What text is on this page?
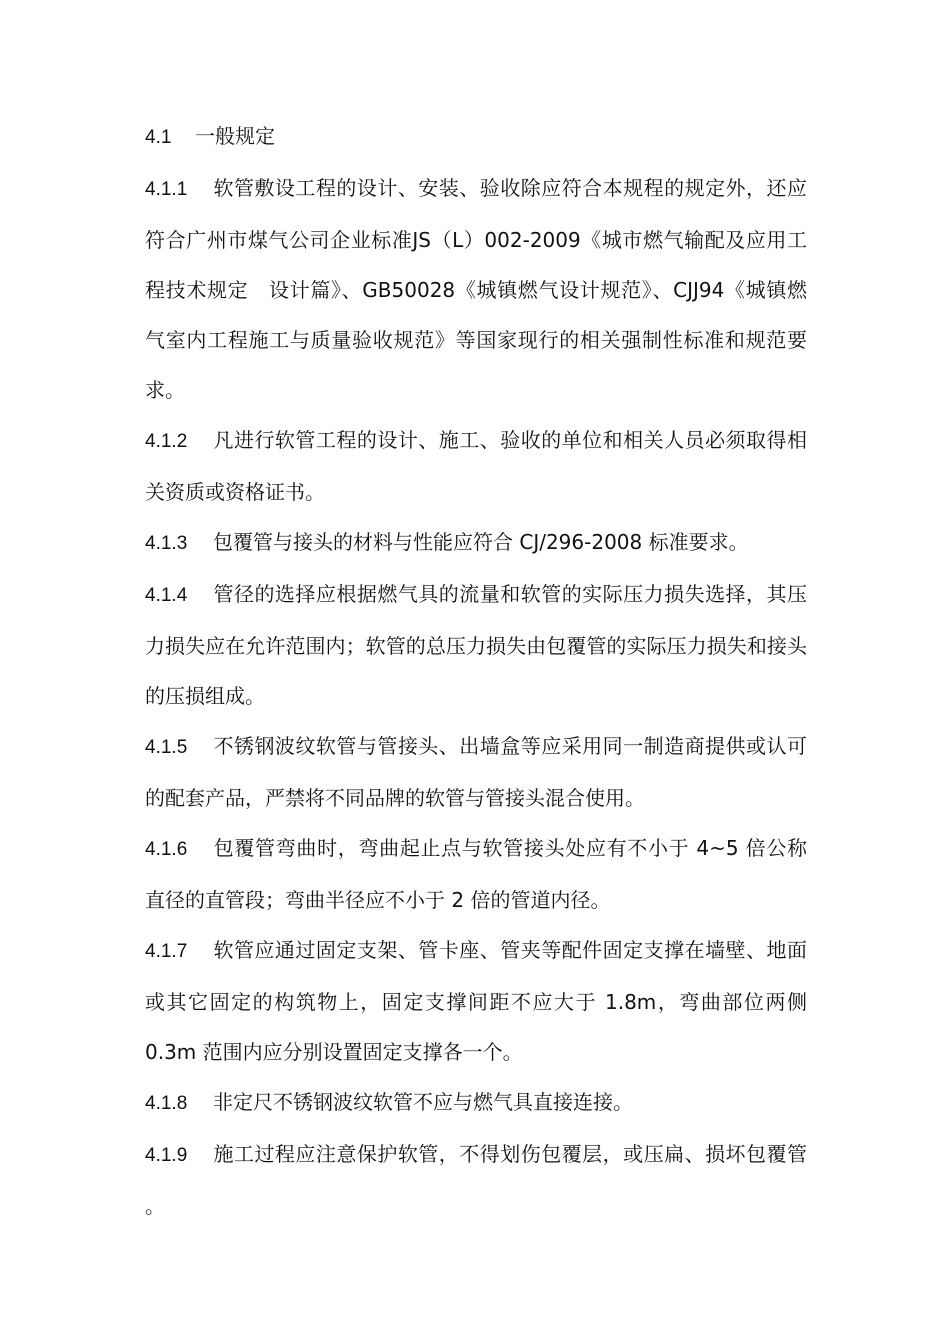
4.1 一般规定

4.1.1 软管敷设工程的设计、安装、验收除应符合本规程的规定外，还应符合广州市煤气公司企业标准JS（L）002-2009《城市燃气输配及应用工程技术规定　设计篇》、GB50028《城镇燃气设计规范》、CJJ94《城镇燃气室内工程施工与质量验收规范》等国家现行的相关强制性标准和规范要求。

4.1.2 凡进行软管工程的设计、施工、验收的单位和相关人员必须取得相关资质或资格证书。

4.1.3 包覆管与接头的材料与性能应符合 CJ/296-2008 标准要求。

4.1.4 管径的选择应根据燃气具的流量和软管的实际压力损失选择，其压力损失应在允许范围内；软管的总压力损失由包覆管的实际压力损失和接头的压损组成。

4.1.5 不锈钢波纹软管与管接头、出墙盒等应采用同一制造商提供或认可的配套产品，严禁将不同品牌的软管与管接头混合使用。

4.1.6 包覆管弯曲时，弯曲起止点与软管接头处应有不小于 4~5 倍公称直径的直管段；弯曲半径应不小于 2 倍的管道内径。

4.1.7 软管应通过固定支架、管卡座、管夹等配件固定支撑在墙壁、地面或其它固定的构筑物上，固定支撑间距不应大于 1.8m，弯曲部位两侧 0.3m 范围内应分别设置固定支撑各一个。

4.1.8 非定尺不锈钢波纹软管不应与燃气具直接连接。

4.1.9 施工过程应注意保护软管，不得划伤包覆层，或压扁、损坏包覆管 。
